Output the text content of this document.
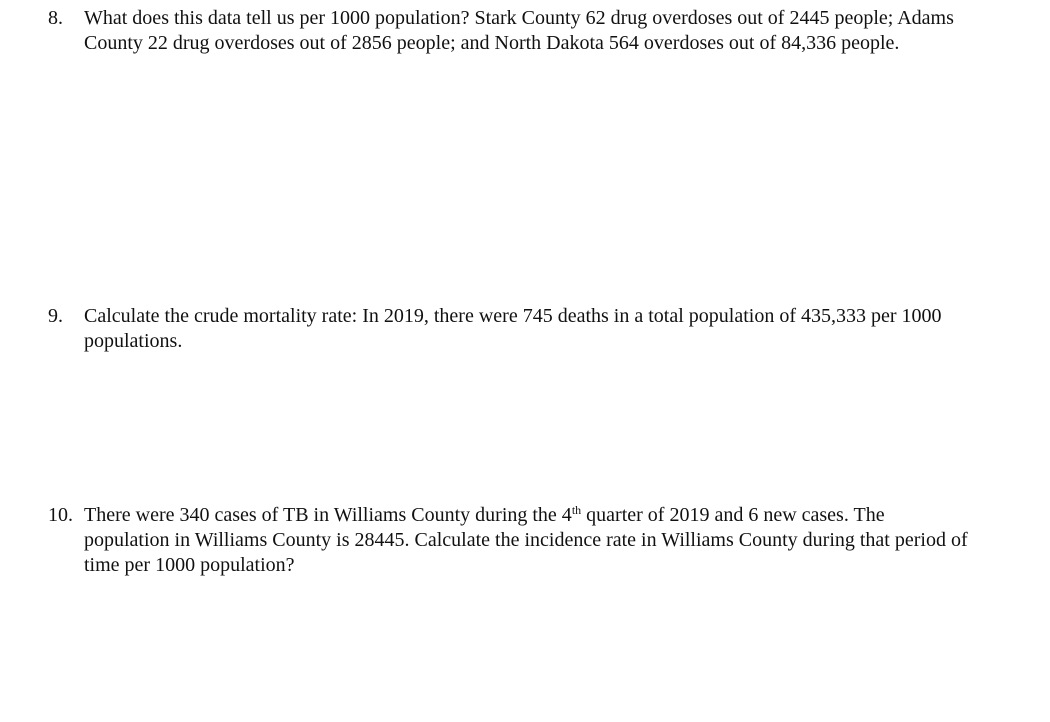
8. What does this data tell us per 1000 population? Stark County 62 drug overdoses out of 2445 people; Adams County 22 drug overdoses out of 2856 people; and North Dakota 564 overdoses out of 84,336 people.
9. Calculate the crude mortality rate: In 2019, there were 745 deaths in a total population of 435,333 per 1000 populations.
10. There were 340 cases of TB in Williams County during the 4th quarter of 2019 and 6 new cases. The population in Williams County is 28445. Calculate the incidence rate in Williams County during that period of time per 1000 population?
